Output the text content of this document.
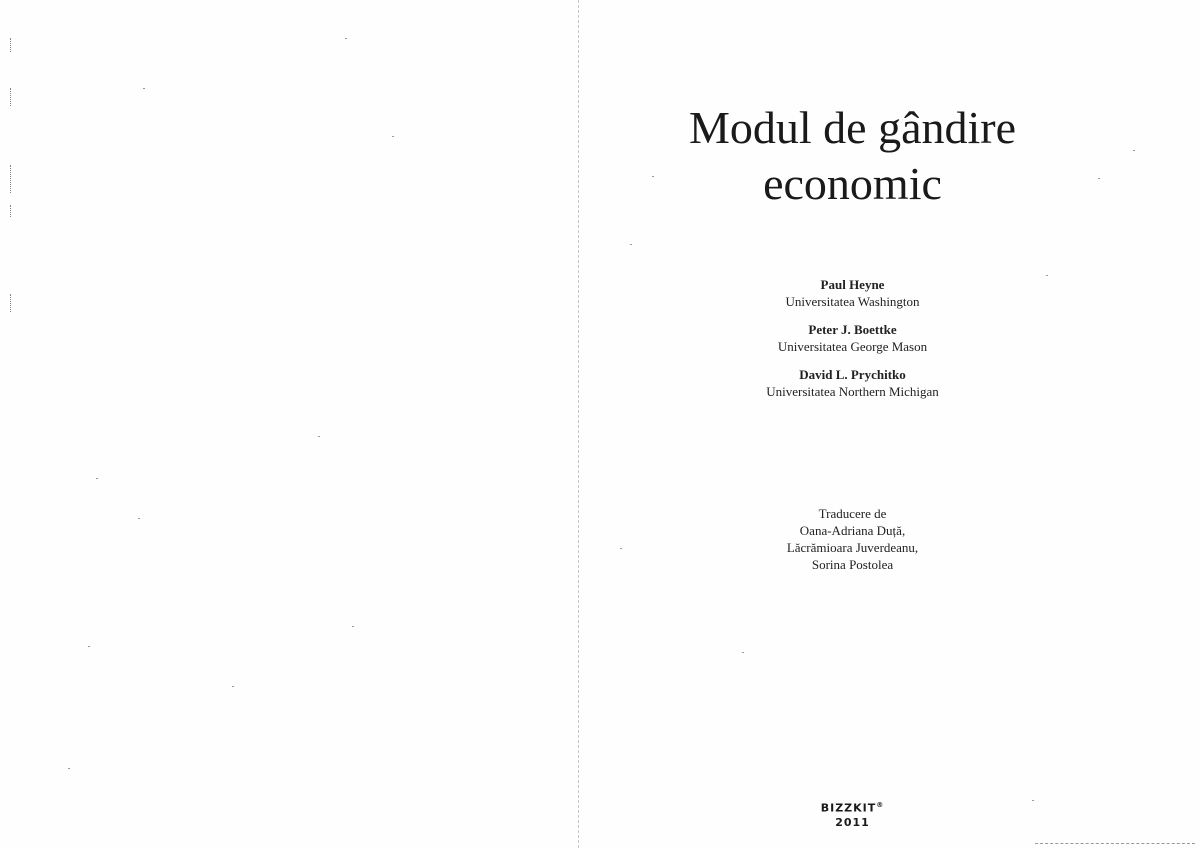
Modul de gândire
economic
Paul Heyne
Universitatea Washington
Peter J. Boettke
Universitatea George Mason
David L. Prychitko
Universitatea Northern Michigan
Traducere de
Oana-Adriana Duță,
Lăcrămioara Juverdeanu,
Sorina Postolea
BIZZKIT®
2011
